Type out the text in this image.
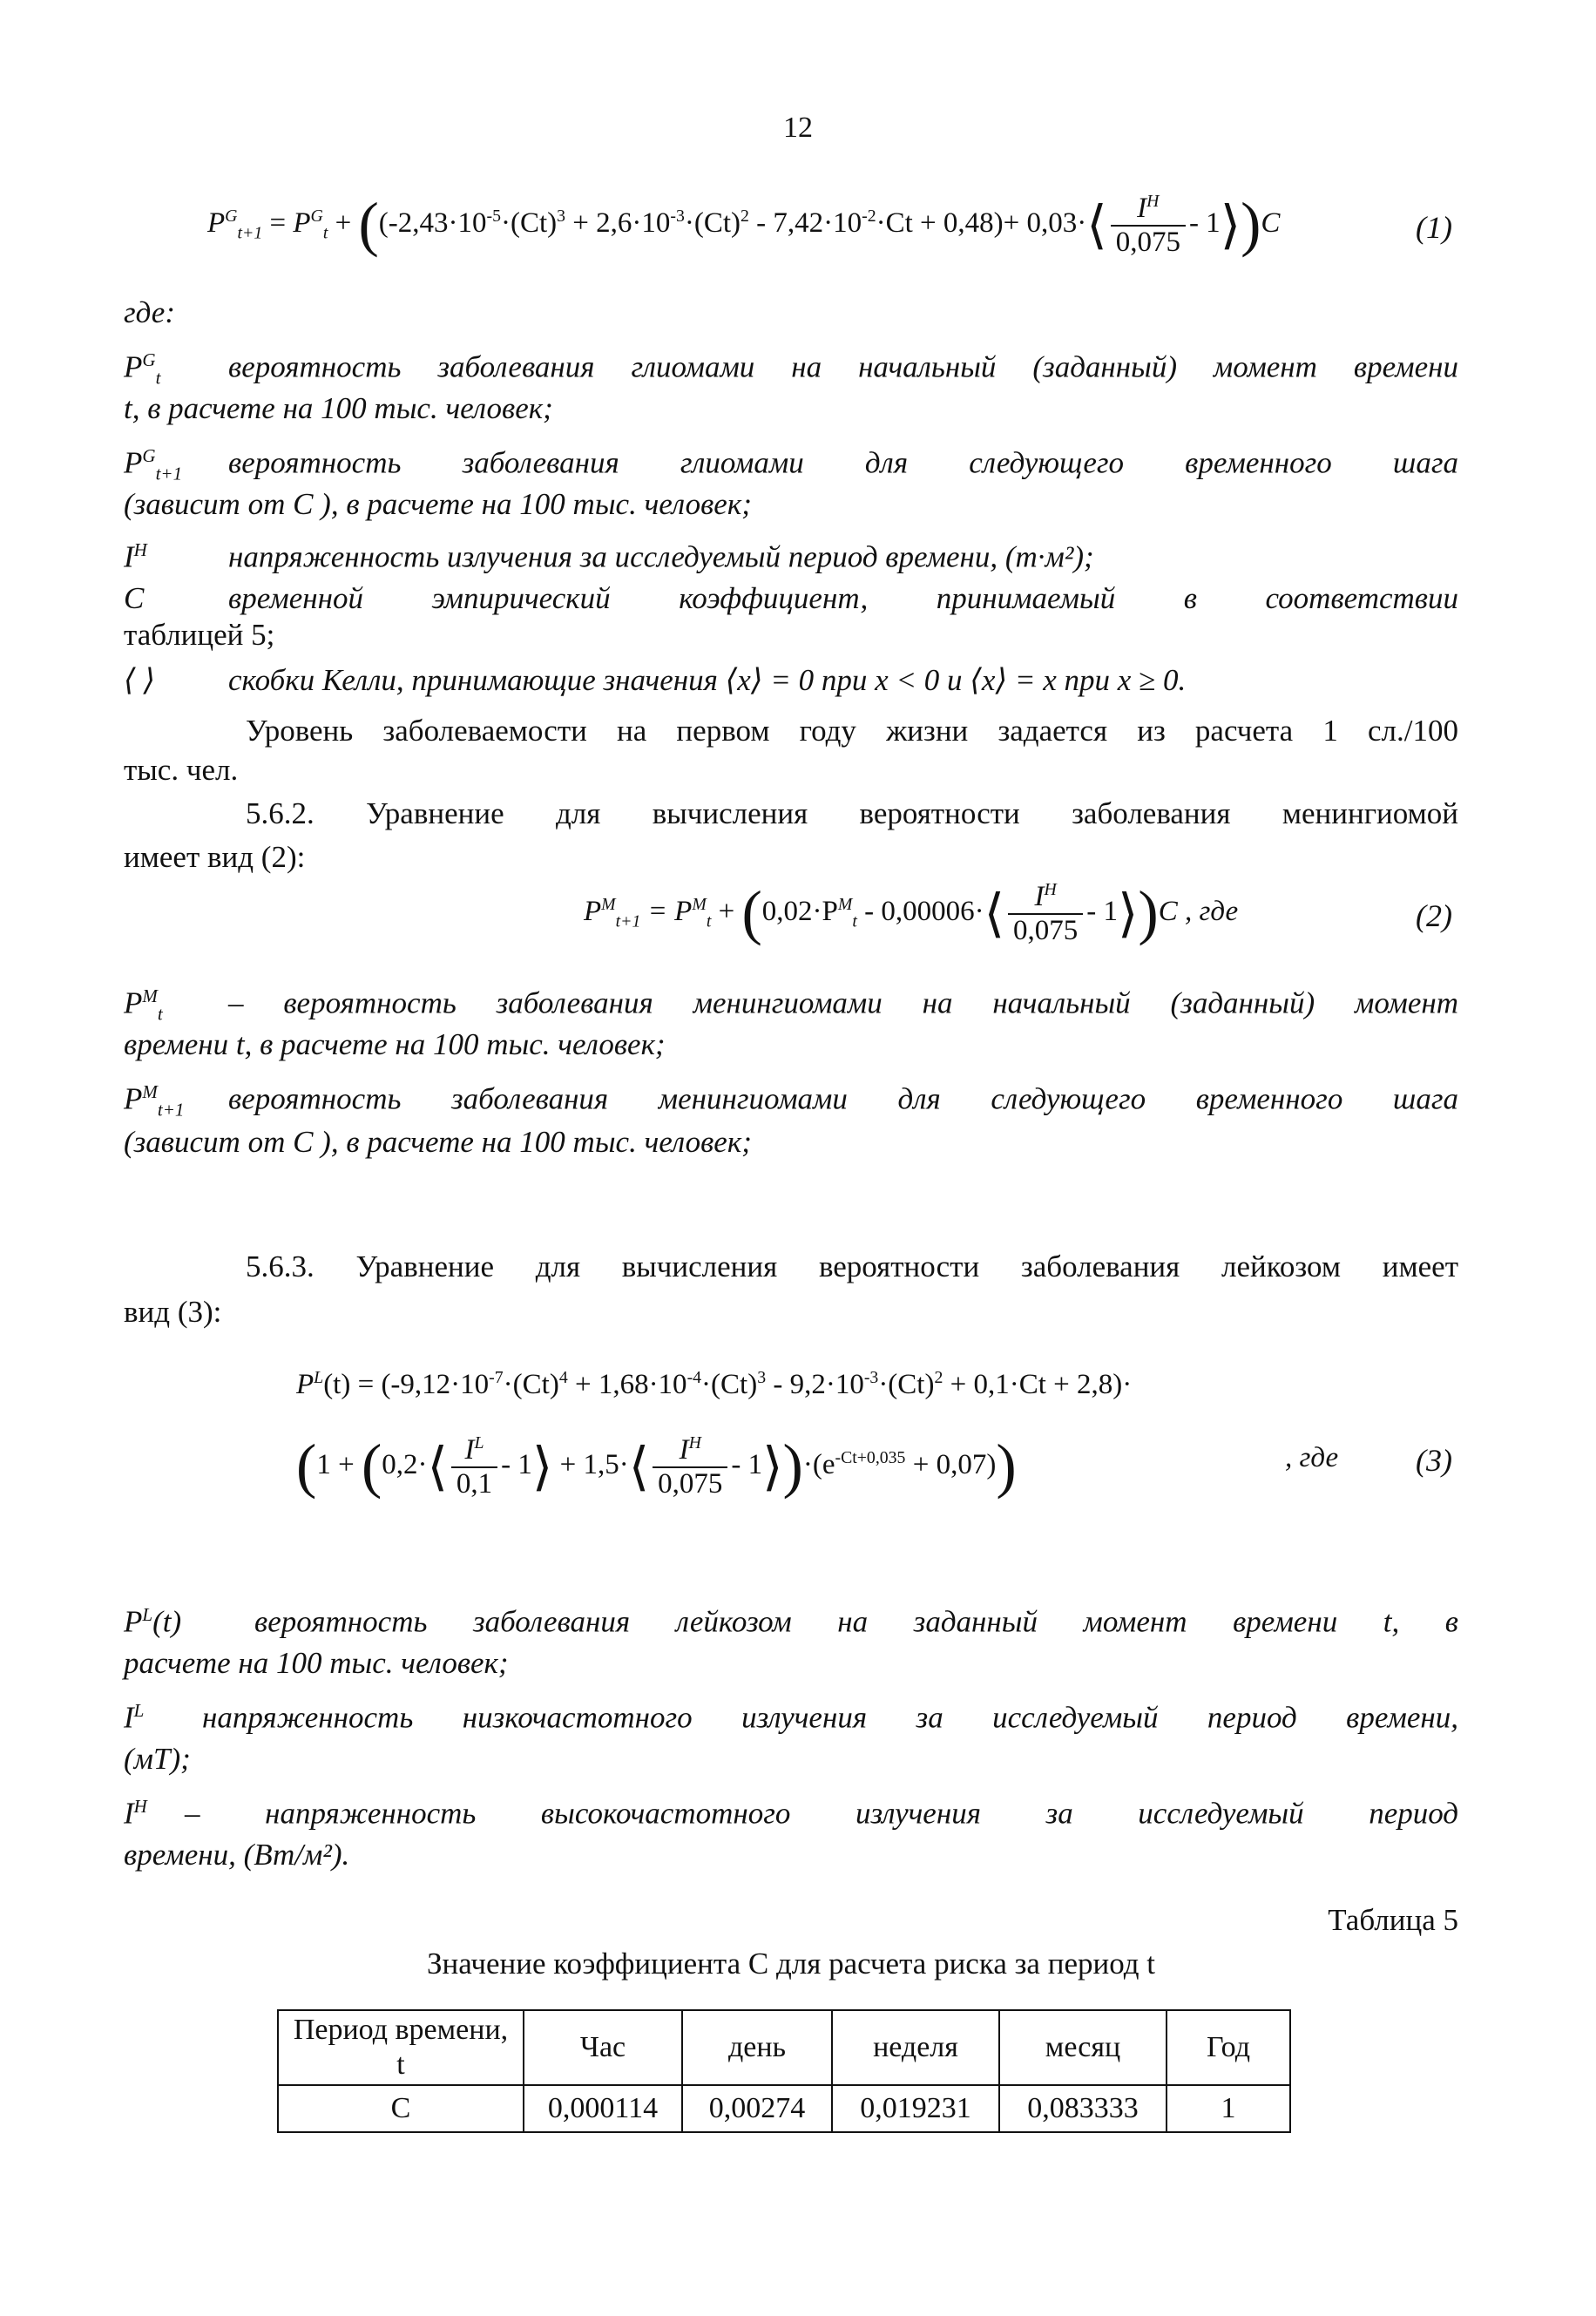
12
$P^G_{t+1} = P^G_t + ((-2,43\cdot 10^{-5}\cdot(Ct)^3 + 2,6\cdot 10^{-3}\cdot(Ct)^2 - 7,42\cdot 10^{-2}\cdot Ct + 0,48)+$ 0,03·⟨ $\frac{I^H}{0,075}$ - 1⟩)C	(1)
где:
$P^G_t$ вероятность заболевания глиомами на начальный (заданный) момент времени
t, в расчете на 100 тыс. человек;
$P^G_{t+1}$ вероятность заболевания глиомами для следующего временного шага
(зависит от C ), в расчете на 100 тыс. человек;
$I^H$	напряженность излучения за исследуемый период времени, (m·м²);
C	временной эмпирический коэффициент, принимаемый в соответствии
таблицей 5;
⟨ ⟩ скобки Келли, принимающие значения ⟨x⟩ = 0 при x < 0 и ⟨x⟩ = x при x ≥ 0.
Уровень заболеваемости на первом году жизни задается из расчета 1 сл./100
тыс. чел.
5.6.2. Уравнение для вычисления вероятности заболевания менингиомой
имеет вид (2):
$P^M_{t+1} = P^M_t + (0,02\cdot P^M_t$ - 0,00006·⟨ $\frac{I^H}{0,075}$ - 1⟩)C , где	(2)
$P^M_t$ – вероятность заболевания менингиомами на начальный (заданный) момент
времени t, в расчете на 100 тыс. человек;
$P^M_{t+1}$ вероятность заболевания менингиомами для следующего временного шага
(зависит от C ), в расчете на 100 тыс. человек;
5.6.3. Уравнение для вычисления вероятности заболевания лейкозом имеет
вид (3):
$P^L(t) = (-9,12\cdot 10^{-7}\cdot(Ct)^4 + 1,68\cdot 10^{-4}\cdot(Ct)^3 - 9,2\cdot 10^{-3}\cdot(Ct)^2 + 0,1\cdot Ct + 2,8)\cdot$
(1 + (0,2·⟨ $\frac{I^L}{0,1}$ - 1⟩ + 1,5·⟨ $\frac{I^H}{0,075}$ - $1⟩)\cdot(e^{-Ct+0,035} + 0,07)$)	, где (3)
$P^L(t)$ вероятность заболевания лейкозом на заданный момент времени t, в
расчете на 100 тыс. человек;
$I^L$ напряженность низкочастотного излучения за исследуемый период времени,
(мТ);
$I^H$ – напряженность высокочастотного излучения за исследуемый период
времени, (Вт/м²).
Таблица 5
Значение коэффициента C для расчета риска за период t
Период времени, t	Час	день	неделя	месяц	Год
C	0,000114	0,00274	0,019231	0,083333	1
